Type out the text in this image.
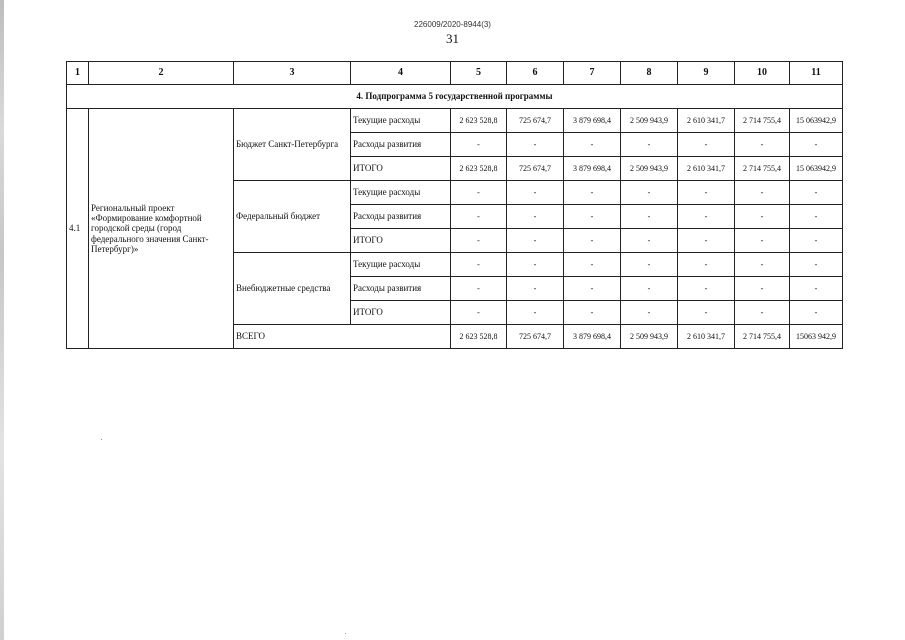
226009/2020-8944(3)
31
1	2	3	4	5	6	7	8	9	10	11
4. Подпрограмма 5 государственной программы										
4.1	Региональный проект «Формирование комфортной городской среды (город федерального значения Санкт-Петербург)»	Бюджет Санкт-Петербурга	Текущие расходы	2 623 528,8	725 674,7	3 879 698,4	2 509 943,9	2 610 341,7	2 714 755,4	15 063942,9
			Расходы развития	-	-	-	-	-	-	-
			ИТОГО	2 623 528,8	725 674,7	3 879 698,4	2 509 943,9	2 610 341,7	2 714 755,4	15 063942,9
		Федеральный бюджет	Текущие расходы	-	-	-	-	-	-	-
			Расходы развития	-	-	-	-	-	-	-
			ИТОГО	-	-	-	-	-	-	-
		Внебюджетные средства	Текущие расходы	-	-	-	-	-	-	-
			Расходы развития	-	-	-	-	-	-	-
			ИТОГО	-	-	-	-	-	-	-
		ВСЕГО		2 623 528,8	725 674,7	3 879 698,4	2 509 943,9	2 610 341,7	2 714 755,4	15063 942,9
